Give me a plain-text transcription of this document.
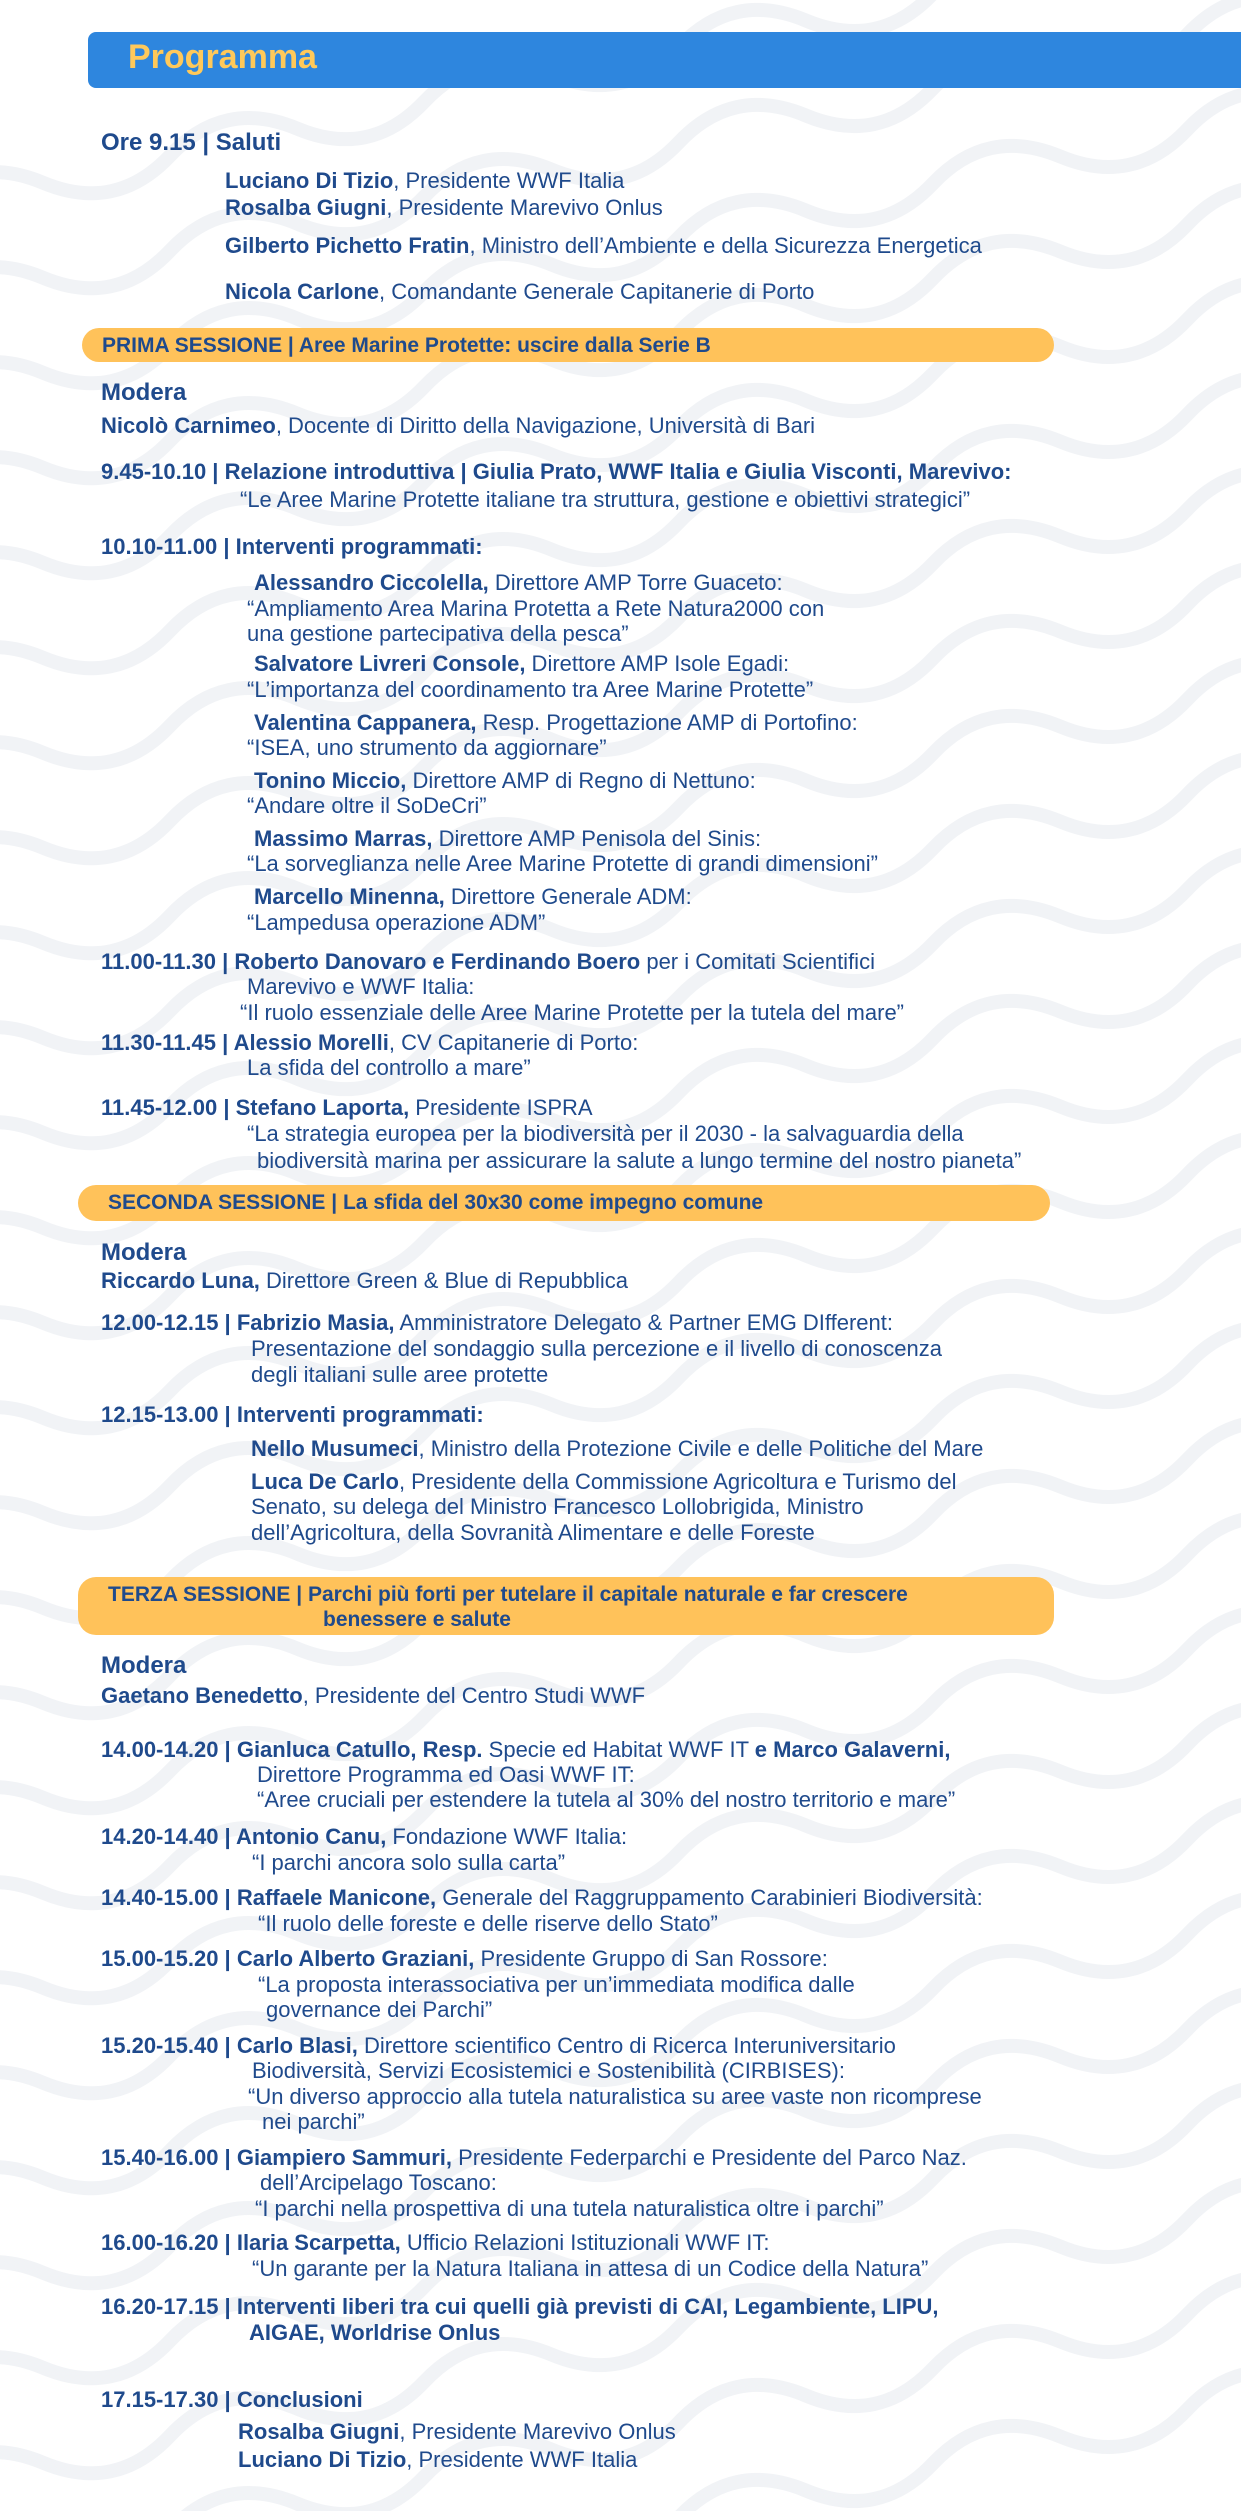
Programma
Ore 9.15 | Saluti
Luciano Di Tizio, Presidente WWF Italia
Rosalba Giugni, Presidente Marevivo Onlus
Gilberto Pichetto Fratin, Ministro dell’Ambiente e della Sicurezza Energetica
Nicola Carlone, Comandante Generale Capitanerie di Porto
PRIMA SESSIONE | Aree Marine Protette: uscire dalla Serie B
Modera
Nicolò Carnimeo, Docente di Diritto della Navigazione, Università di Bari
9.45-10.10 | Relazione introduttiva | Giulia Prato, WWF Italia e Giulia Visconti, Marevivo:
“Le Aree Marine Protette italiane tra struttura, gestione e obiettivi strategici”
10.10-11.00 | Interventi programmati:
Alessandro Ciccolella, Direttore AMP Torre Guaceto:
“Ampliamento Area Marina Protetta a Rete Natura2000 con
una gestione partecipativa della pesca”
Salvatore Livreri Console, Direttore AMP Isole Egadi:
“L’importanza del coordinamento tra Aree Marine Protette”
Valentina Cappanera, Resp. Progettazione AMP di Portofino:
“ISEA, uno strumento da aggiornare”
Tonino Miccio, Direttore AMP di Regno di Nettuno:
“Andare oltre il SoDeCri”
Massimo Marras, Direttore AMP Penisola del Sinis:
“La sorveglianza nelle Aree Marine Protette di grandi dimensioni”
Marcello Minenna, Direttore Generale ADM:
“Lampedusa operazione ADM”
11.00-11.30 | Roberto Danovaro e Ferdinando Boero per i Comitati Scientifici
Marevivo e WWF Italia:
“Il ruolo essenziale delle Aree Marine Protette per la tutela del mare”
11.30-11.45 | Alessio Morelli, CV Capitanerie di Porto:
La sfida del controllo a mare”
11.45-12.00 | Stefano Laporta, Presidente ISPRA
“La strategia europea per la biodiversità per il 2030 - la salvaguardia della
biodiversità marina per assicurare la salute a lungo termine del nostro pianeta”
SECONDA SESSIONE | La sfida del 30x30 come impegno comune
Modera
Riccardo Luna, Direttore Green & Blue di Repubblica
12.00-12.15 | Fabrizio Masia, Amministratore Delegato & Partner EMG DIfferent:
Presentazione del sondaggio sulla percezione e il livello di conoscenza
degli italiani sulle aree protette
12.15-13.00 | Interventi programmati:
Nello Musumeci, Ministro della Protezione Civile e delle Politiche del Mare
Luca De Carlo, Presidente della Commissione Agricoltura e Turismo del
Senato, su delega del Ministro Francesco Lollobrigida, Ministro
dell’Agricoltura, della Sovranità Alimentare e delle Foreste
TERZA SESSIONE | Parchi più forti per tutelare il capitale naturale e far crescere
benessere e salute
Modera
Gaetano Benedetto, Presidente del Centro Studi WWF
14.00-14.20 | Gianluca Catullo, Resp. Specie ed Habitat WWF IT e Marco Galaverni,
Direttore Programma ed Oasi WWF IT:
“Aree cruciali per estendere la tutela al 30% del nostro territorio e mare”
14.20-14.40 | Antonio Canu, Fondazione WWF Italia:
“I parchi ancora solo sulla carta”
14.40-15.00 | Raffaele Manicone, Generale del Raggruppamento Carabinieri Biodiversità:
“Il ruolo delle foreste e delle riserve dello Stato”
15.00-15.20 | Carlo Alberto Graziani, Presidente Gruppo di San Rossore:
“La proposta interassociativa per un’immediata modifica dalle
governance dei Parchi”
15.20-15.40 | Carlo Blasi, Direttore scientifico Centro di Ricerca Interuniversitario
Biodiversità, Servizi Ecosistemici e Sostenibilità (CIRBISES):
“Un diverso approccio alla tutela naturalistica su aree vaste non ricomprese
nei parchi”
15.40-16.00 | Giampiero Sammuri, Presidente Federparchi e Presidente del Parco Naz.
dell’Arcipelago Toscano:
“I parchi nella prospettiva di una tutela naturalistica oltre i parchi”
16.00-16.20 | Ilaria Scarpetta, Ufficio Relazioni Istituzionali WWF IT:
“Un garante per la Natura Italiana in attesa di un Codice della Natura”
16.20-17.15 | Interventi liberi tra cui quelli già previsti di CAI, Legambiente, LIPU,
AIGAE, Worldrise Onlus
17.15-17.30 | Conclusioni
Rosalba Giugni, Presidente Marevivo Onlus
Luciano Di Tizio, Presidente WWF Italia
